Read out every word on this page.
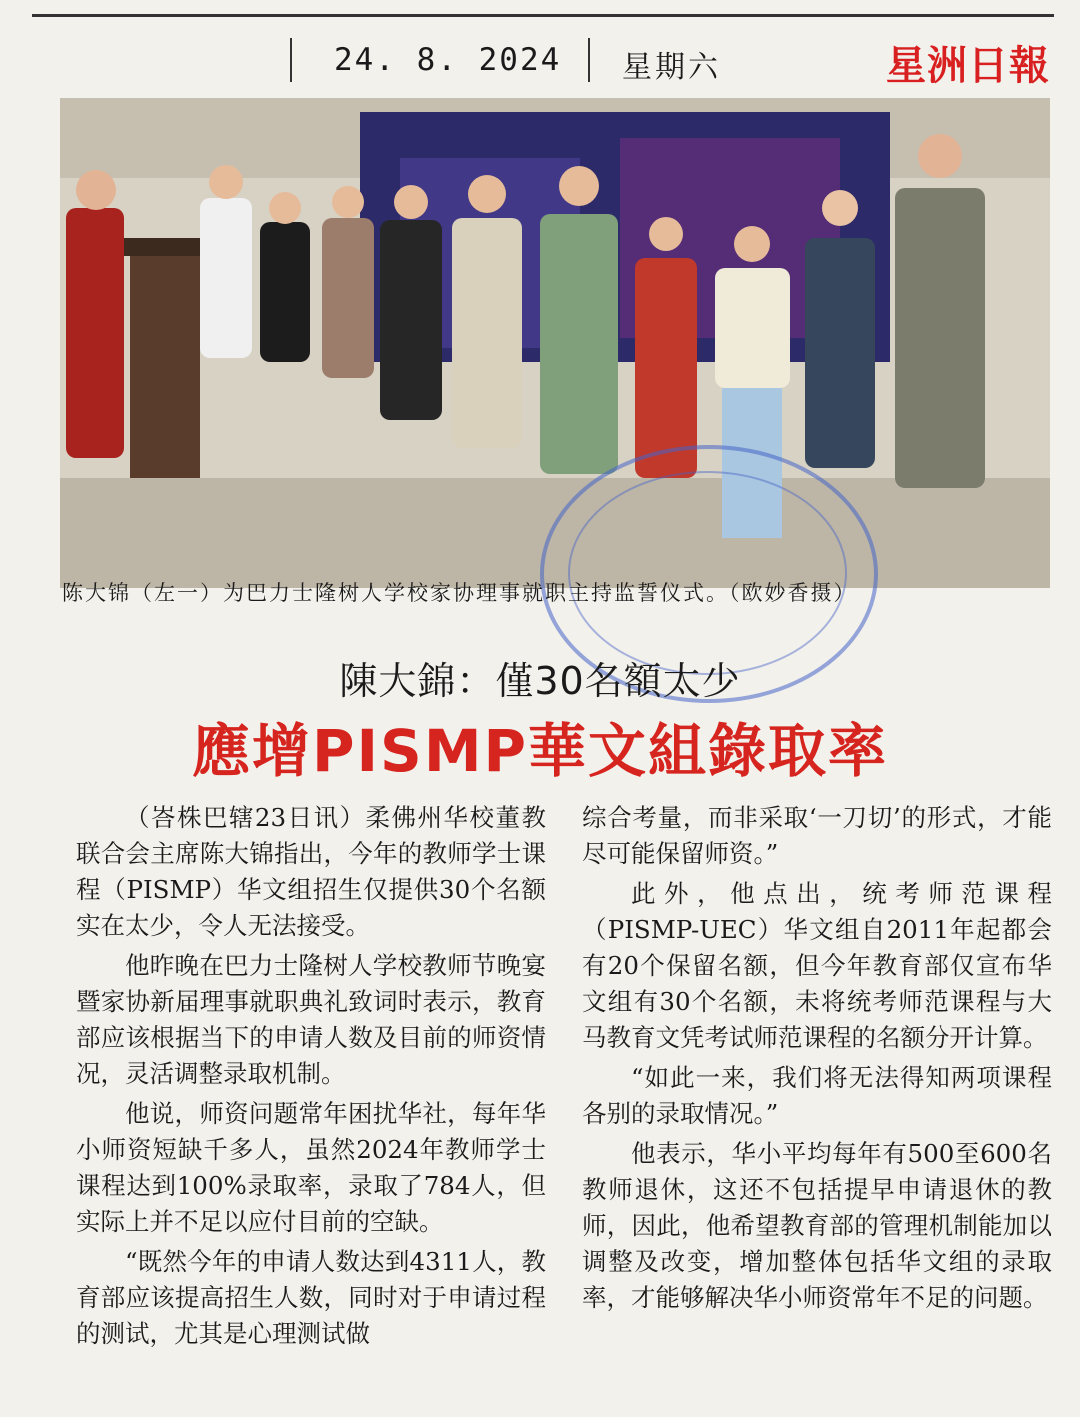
24. 8. 2024 星期六	星洲日報
陈大锦（左一）为巴力士隆树人学校家协理事就职主持监誓仪式。（欧妙香摄）
陳大錦：僅30名額太少
應增PISMP華文組錄取率

（峇株巴辖23日讯）柔佛州华校董教联合会主席陈大锦指出，今年的教师学士课程（PISMP）华文组招生仅提供30个名额实在太少，令人无法接受。

他昨晚在巴力士隆树人学校教师节晚宴暨家协新届理事就职典礼致词时表示，教育部应该根据当下的申请人数及目前的师资情况，灵活调整录取机制。

他说，师资问题常年困扰华社，每年华小师资短缺千多人，虽然2024年教师学士课程达到100%录取率，录取了784人，但实际上并不足以应付目前的空缺。

“既然今年的申请人数达到4311人，教育部应该提高招生人数，同时对于申请过程的测试，尤其是心理测试做

综合考量，而非采取‘一刀切’的形式，才能尽可能保留师资。”

此外，他点出，统考师范课程（PISMP-UEC）华文组自2011年起都会有20个保留名额，但今年教育部仅宣布华文组有30个名额，未将统考师范课程与大马教育文凭考试师范课程的名额分开计算。

“如此一来，我们将无法得知两项课程各别的录取情况。”

他表示，华小平均每年有500至600名教师退休，这还不包括提早申请退休的教师，因此，他希望教育部的管理机制能加以调整及改变，增加整体包括华文组的录取率，才能够解决华小师资常年不足的问题。
